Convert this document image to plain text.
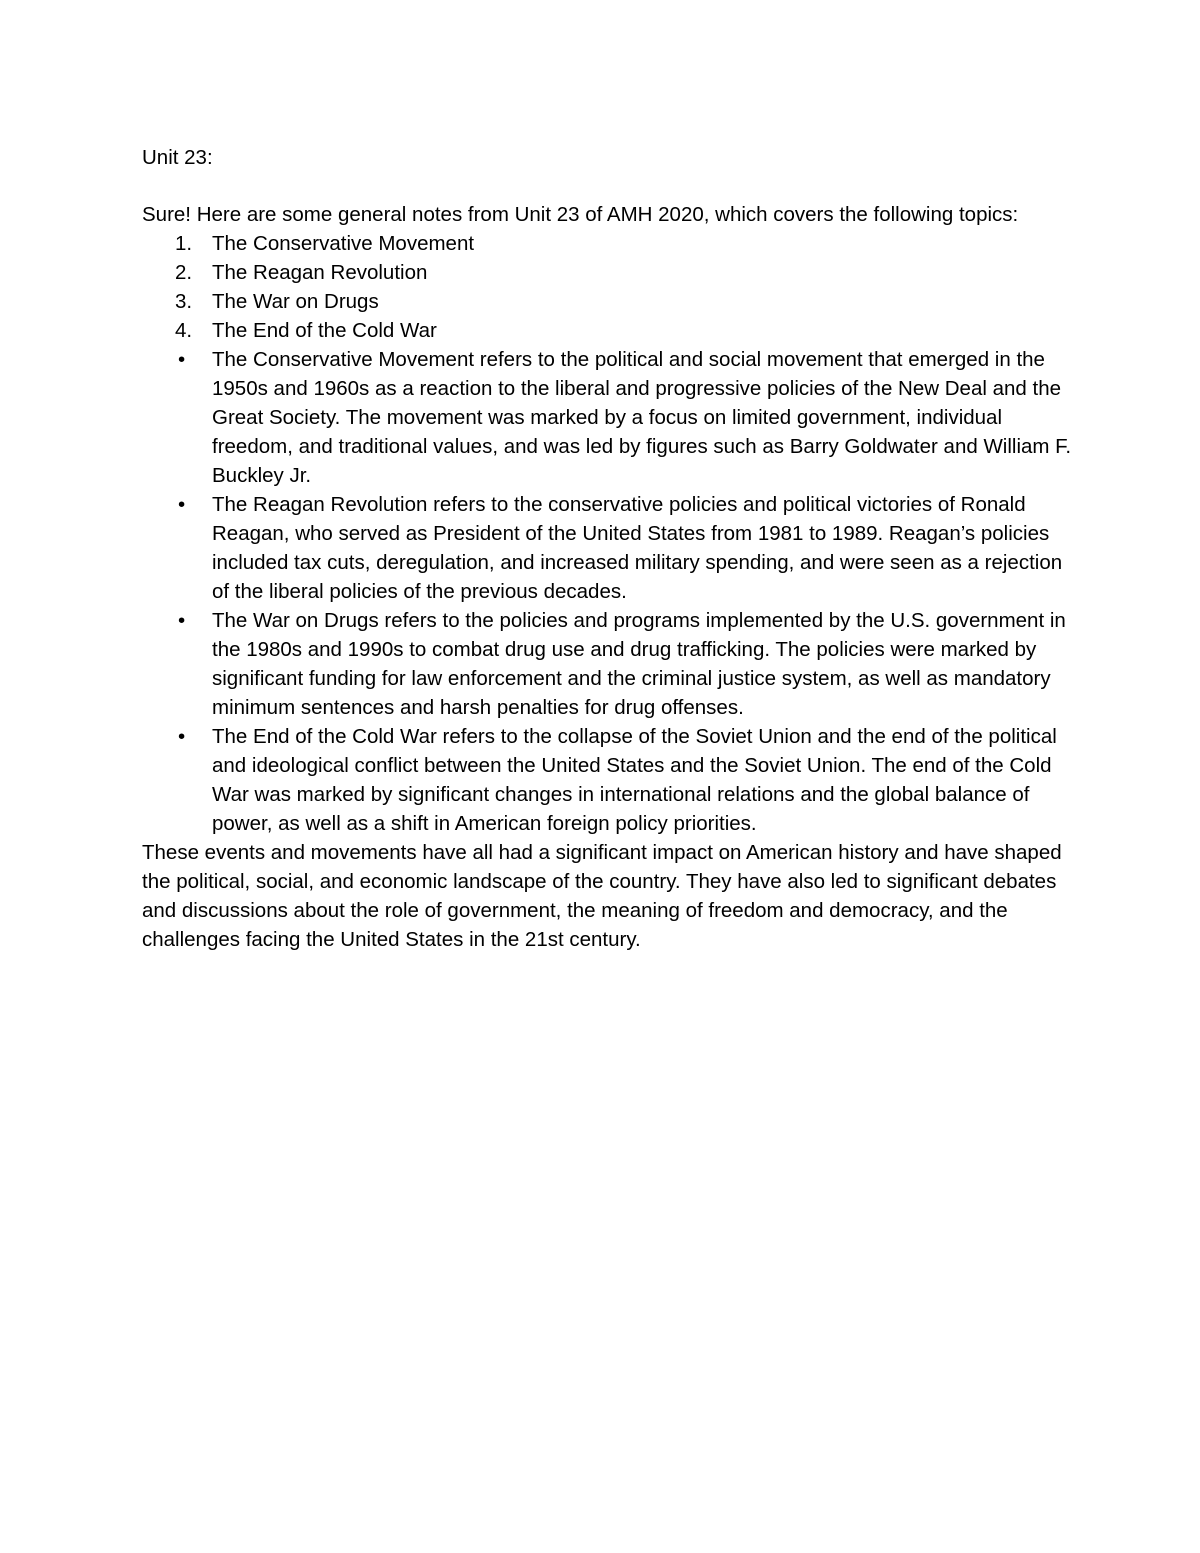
Unit 23:

Sure! Here are some general notes from Unit 23 of AMH 2020, which covers the following topics:

1. The Conservative Movement
2. The Reagan Revolution
3. The War on Drugs
4. The End of the Cold War
• The Conservative Movement refers to the political and social movement that emerged in the 1950s and 1960s as a reaction to the liberal and progressive policies of the New Deal and the Great Society. The movement was marked by a focus on limited government, individual freedom, and traditional values, and was led by figures such as Barry Goldwater and William F. Buckley Jr.
• The Reagan Revolution refers to the conservative policies and political victories of Ronald Reagan, who served as President of the United States from 1981 to 1989. Reagan’s policies included tax cuts, deregulation, and increased military spending, and were seen as a rejection of the liberal policies of the previous decades.
• The War on Drugs refers to the policies and programs implemented by the U.S. government in the 1980s and 1990s to combat drug use and drug trafficking. The policies were marked by significant funding for law enforcement and the criminal justice system, as well as mandatory minimum sentences and harsh penalties for drug offenses.
• The End of the Cold War refers to the collapse of the Soviet Union and the end of the political and ideological conflict between the United States and the Soviet Union. The end of the Cold War was marked by significant changes in international relations and the global balance of power, as well as a shift in American foreign policy priorities.

These events and movements have all had a significant impact on American history and have shaped the political, social, and economic landscape of the country. They have also led to significant debates and discussions about the role of government, the meaning of freedom and democracy, and the challenges facing the United States in the 21st century.
